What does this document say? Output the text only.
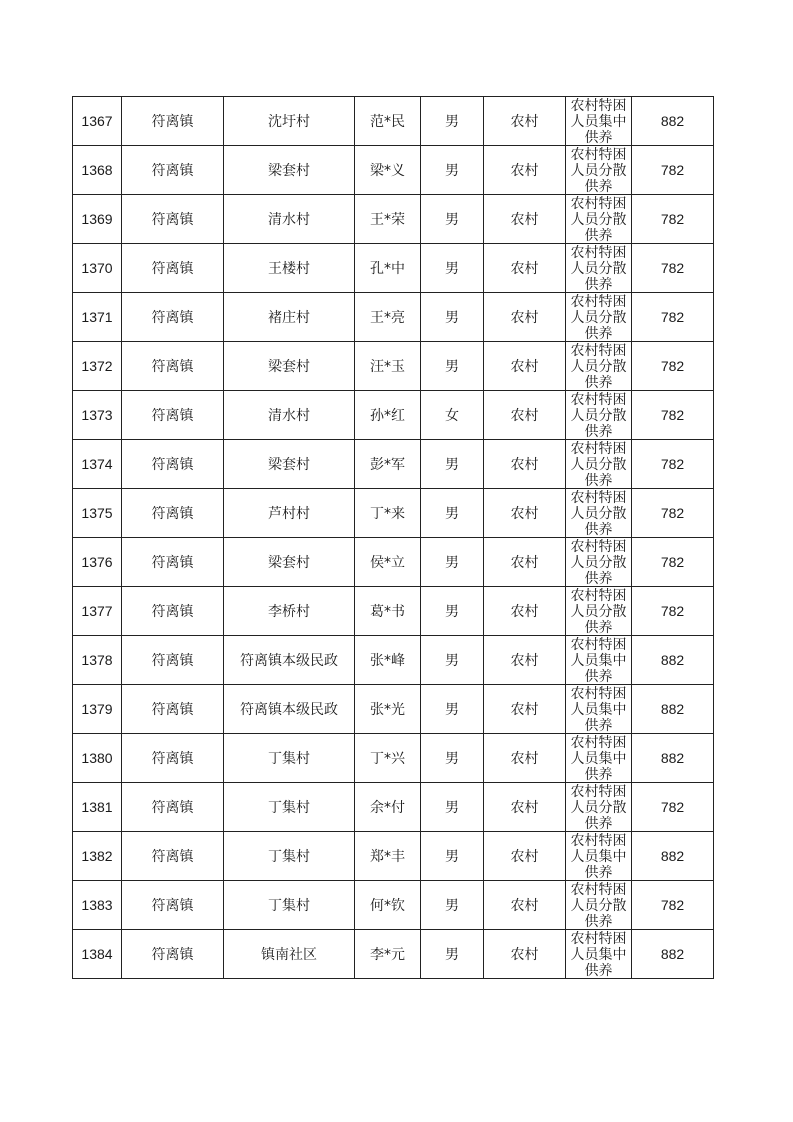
1367	符离镇	沈圩村	范*民	男	农村	农村特困人员集中供养	882
1368	符离镇	梁套村	梁*义	男	农村	农村特困人员分散供养	782
1369	符离镇	清水村	王*荣	男	农村	农村特困人员分散供养	782
1370	符离镇	王楼村	孔*中	男	农村	农村特困人员分散供养	782
1371	符离镇	褚庄村	王*亮	男	农村	农村特困人员分散供养	782
1372	符离镇	梁套村	汪*玉	男	农村	农村特困人员分散供养	782
1373	符离镇	清水村	孙*红	女	农村	农村特困人员分散供养	782
1374	符离镇	梁套村	彭*军	男	农村	农村特困人员分散供养	782
1375	符离镇	芦村村	丁*来	男	农村	农村特困人员分散供养	782
1376	符离镇	梁套村	侯*立	男	农村	农村特困人员分散供养	782
1377	符离镇	李桥村	葛*书	男	农村	农村特困人员分散供养	782
1378	符离镇	符离镇本级民政	张*峰	男	农村	农村特困人员集中供养	882
1379	符离镇	符离镇本级民政	张*光	男	农村	农村特困人员集中供养	882
1380	符离镇	丁集村	丁*兴	男	农村	农村特困人员集中供养	882
1381	符离镇	丁集村	余*付	男	农村	农村特困人员分散供养	782
1382	符离镇	丁集村	郑*丰	男	农村	农村特困人员集中供养	882
1383	符离镇	丁集村	何*钦	男	农村	农村特困人员分散供养	782
1384	符离镇	镇南社区	李*元	男	农村	农村特困人员集中供养	882
